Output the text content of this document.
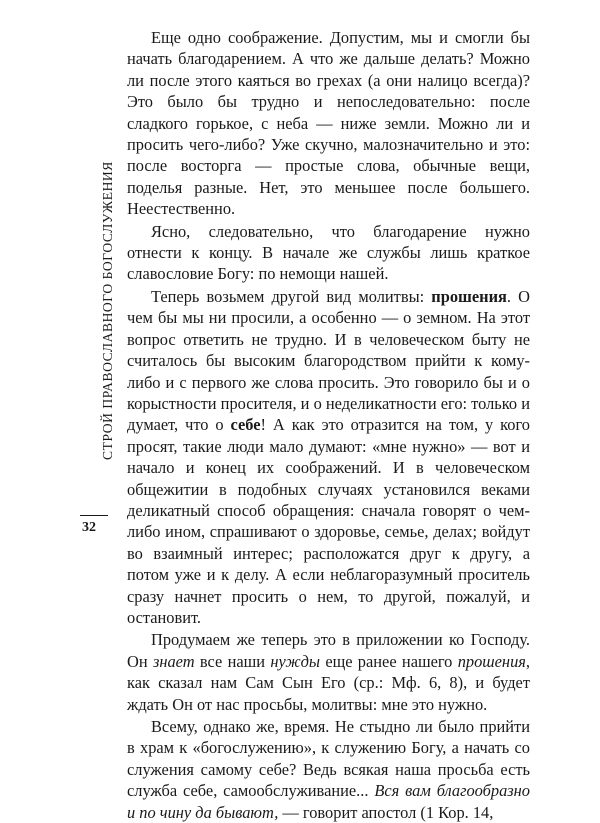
СТРОЙ ПРАВОСЛАВНОГО БОГОСЛУЖЕНИЯ
32

Еще одно соображение. Допустим, мы и смогли бы начать благодарением. А что же дальше делать? Можно ли после этого каяться во грехах (а они налицо всегда)? Это было бы трудно и непоследовательно: после сладкого горькое, с неба — ниже земли. Можно ли и просить чего-либо? Уже скучно, малозначительно и это: после восторга — простые слова, обычные вещи, поделья разные. Нет, это меньшее после большего. Неестественно.

Ясно, следовательно, что благодарение нужно отнести к концу. В начале же службы лишь краткое славословие Богу: по немощи нашей.

Теперь возьмем другой вид молитвы: прошения. О чем бы мы ни просили, а особенно — о земном. На этот вопрос ответить не трудно. И в человеческом быту не считалось бы высоким благородством прийти к кому-либо и с первого же слова просить. Это говорило бы и о корыстности просителя, и о неделикатности его: только и думает, что о себе! А как это отразится на том, у кого просят, такие люди мало думают: «мне нужно» — вот и начало и конец их соображений. И в человеческом общежитии в подобных случаях установился веками деликатный способ обращения: сначала говорят о чем-либо ином, спрашивают о здоровье, семье, делах; войдут во взаимный интерес; расположатся друг к другу, а потом уже и к делу. А если неблагоразумный проситель сразу начнет просить о нем, то другой, пожалуй, и остановит.

Продумаем же теперь это в приложении ко Господу. Он знает все наши нужды еще ранее нашего прошения, как сказал нам Сам Сын Его (ср.: Мф. 6, 8), и будет ждать Он от нас просьбы, молитвы: мне это нужно.

Всему, однако же, время. Не стыдно ли было прийти в храм к «богослужению», к служению Богу, а начать со служения самому себе? Ведь всякая наша просьба есть служба себе, самообслуживание... Вся вам благообразно и по чину да бывают, — говорит апостол (1 Кор. 14,
